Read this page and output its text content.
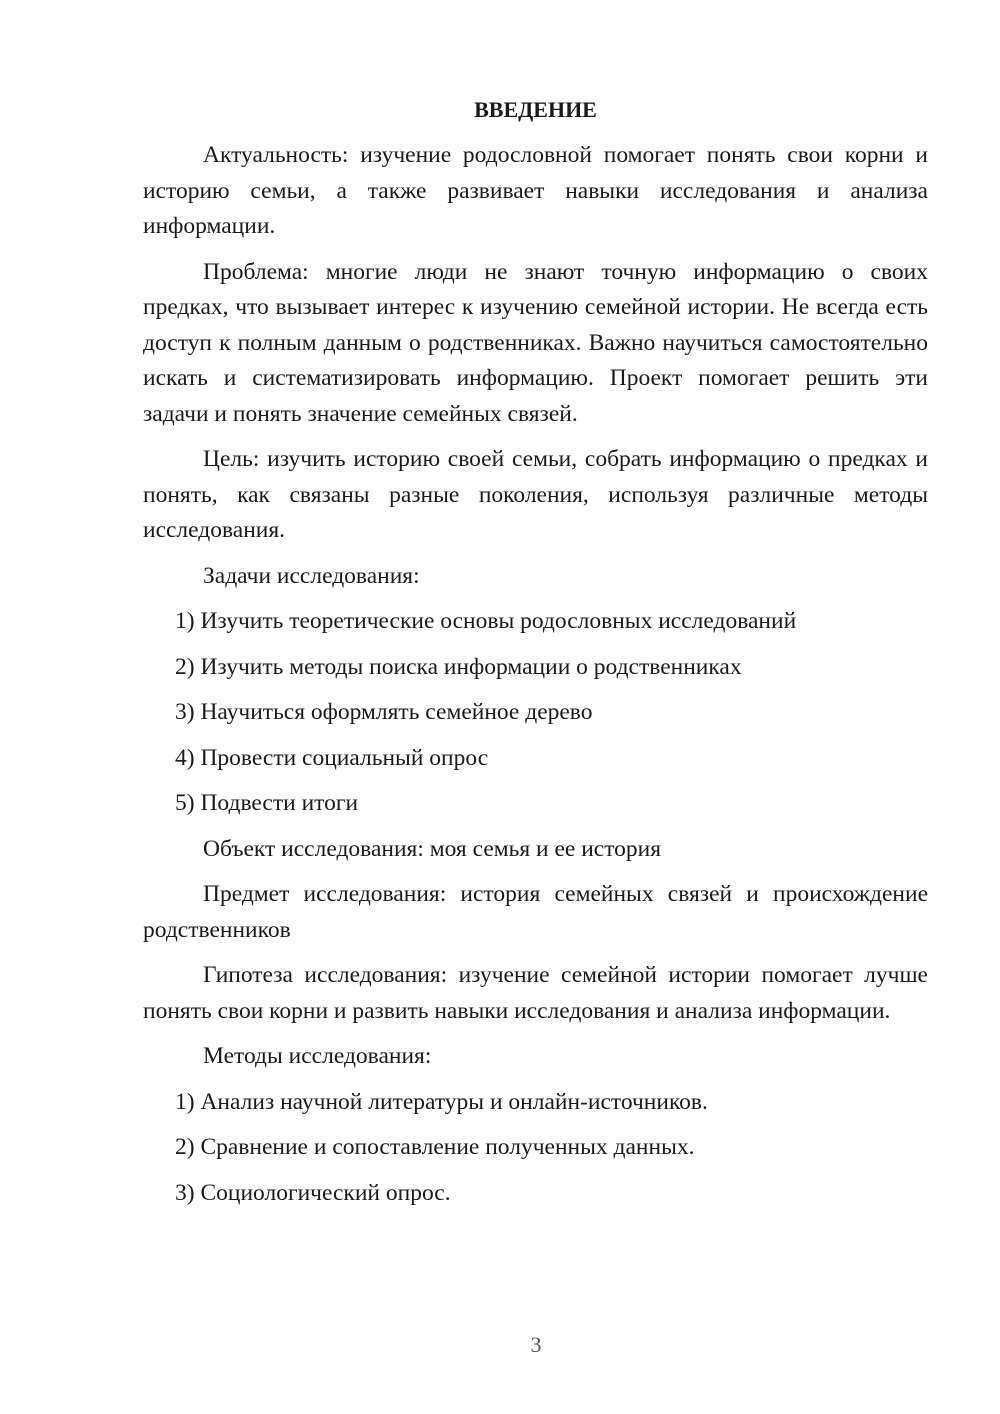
ВВЕДЕНИЕ

Актуальность: изучение родословной помогает понять свои корни и историю семьи, а также развивает навыки исследования и анализа информации.

Проблема: многие люди не знают точную информацию о своих предках, что вызывает интерес к изучению семейной истории. Не всегда есть доступ к полным данным о родственниках. Важно научиться самостоятельно искать и систематизировать информацию. Проект помогает решить эти задачи и понять значение семейных связей.

Цель: изучить историю своей семьи, собрать информацию о предках и понять, как связаны разные поколения, используя различные методы исследования.

Задачи исследования:

1) Изучить теоретические основы родословных исследований
2) Изучить методы поиска информации о родственниках
3) Научиться оформлять семейное дерево
4) Провести социальный опрос
5) Подвести итоги

Объект исследования: моя семья и ее история

Предмет исследования: история семейных связей и происхождение родственников

Гипотеза исследования: изучение семейной истории помогает лучше понять свои корни и развить навыки исследования и анализа информации.

Методы исследования:

1) Анализ научной литературы и онлайн-источников.
2) Сравнение и сопоставление полученных данных.
3) Социологический опрос.
3
